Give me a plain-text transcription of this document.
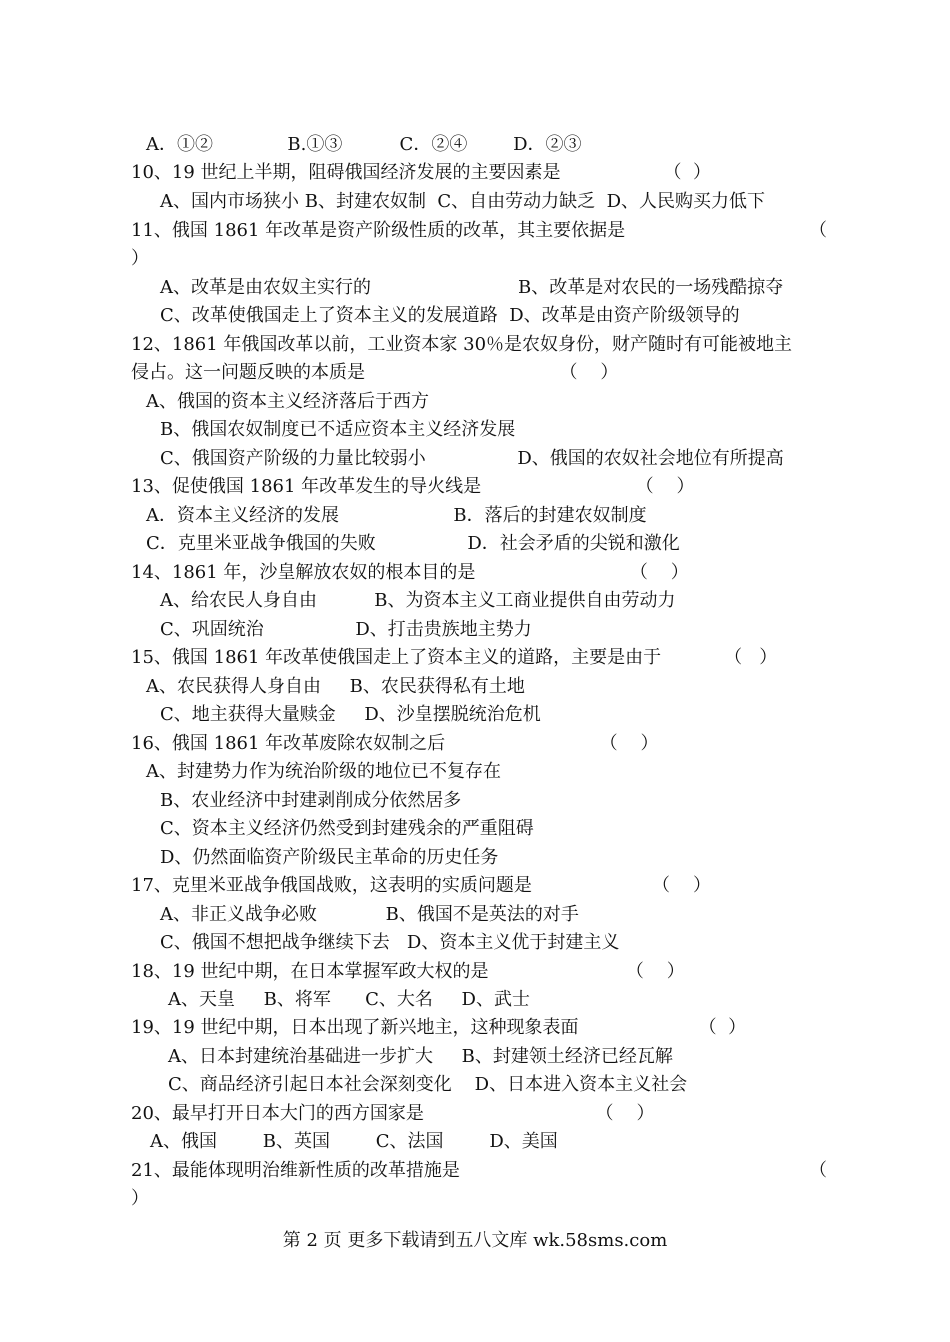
A．①②             B.①③          C．②④        D．②③
10、19 世纪上半期，阻碍俄国经济发展的主要因素是                  （  ）
A、国内市场狭小 B、封建农奴制  C、自由劳动力缺乏  D、人民购买力低下
11、俄国 1861 年改革是资产阶级性质的改革，其主要依据是	（
）
A、改革是由农奴主实行的	B、改革是对农民的一场残酷掠夺
C、改革使俄国走上了资本主义的发展道路  D、改革是由资产阶级领导的
12、1861 年俄国改革以前，工业资本家 30％是农奴身份，财产随时有可能被地主
侵占。这一问题反映的本质是                                  （    ）
A、俄国的资本主义经济落后于西方
B、俄国农奴制度已不适应资本主义经济发展
C、俄国资产阶级的力量比较弱小                D、俄国的农奴社会地位有所提高
13、促使俄国 1861 年改革发生的导火线是                           （    ）
A．资本主义经济的发展                    B．落后的封建农奴制度
C．克里米亚战争俄国的失败                D．社会矛盾的尖锐和激化
14、1861 年，沙皇解放农奴的根本目的是                           （    ）
A、给农民人身自由          B、为资本主义工商业提供自由劳动力
C、巩固统治                D、打击贵族地主势力
15、俄国 1861 年改革使俄国走上了资本主义的道路，主要是由于           （   ）
A、农民获得人身自由     B、农民获得私有土地
C、地主获得大量赎金     D、沙皇摆脱统治危机
16、俄国 1861 年改革废除农奴制之后                           （    ）
A、封建势力作为统治阶级的地位已不复存在
B、农业经济中封建剥削成分依然居多
C、资本主义经济仍然受到封建残余的严重阻碍
D、仍然面临资产阶级民主革命的历史任务
17、克里米亚战争俄国战败，这表明的实质问题是                     （    ）
A、非正义战争必败            B、俄国不是英法的对手
C、俄国不想把战争继续下去   D、资本主义优于封建主义
18、19 世纪中期，在日本掌握军政大权的是                        （    ）
A、天皇     B、将军      C、大名     D、武士
19、19 世纪中期，日本出现了新兴地主，这种现象表面                     （  ）
A、日本封建统治基础进一步扩大     B、封建领土经济已经瓦解
C、商品经济引起日本社会深刻变化    D、日本进入资本主义社会
20、最早打开日本大门的西方国家是                              （    ）
A、俄国        B、英国        C、法国        D、美国
21、最能体现明治维新性质的改革措施是	（
）
第 2 页 更多下载请到五八文库 wk.58sms.com
